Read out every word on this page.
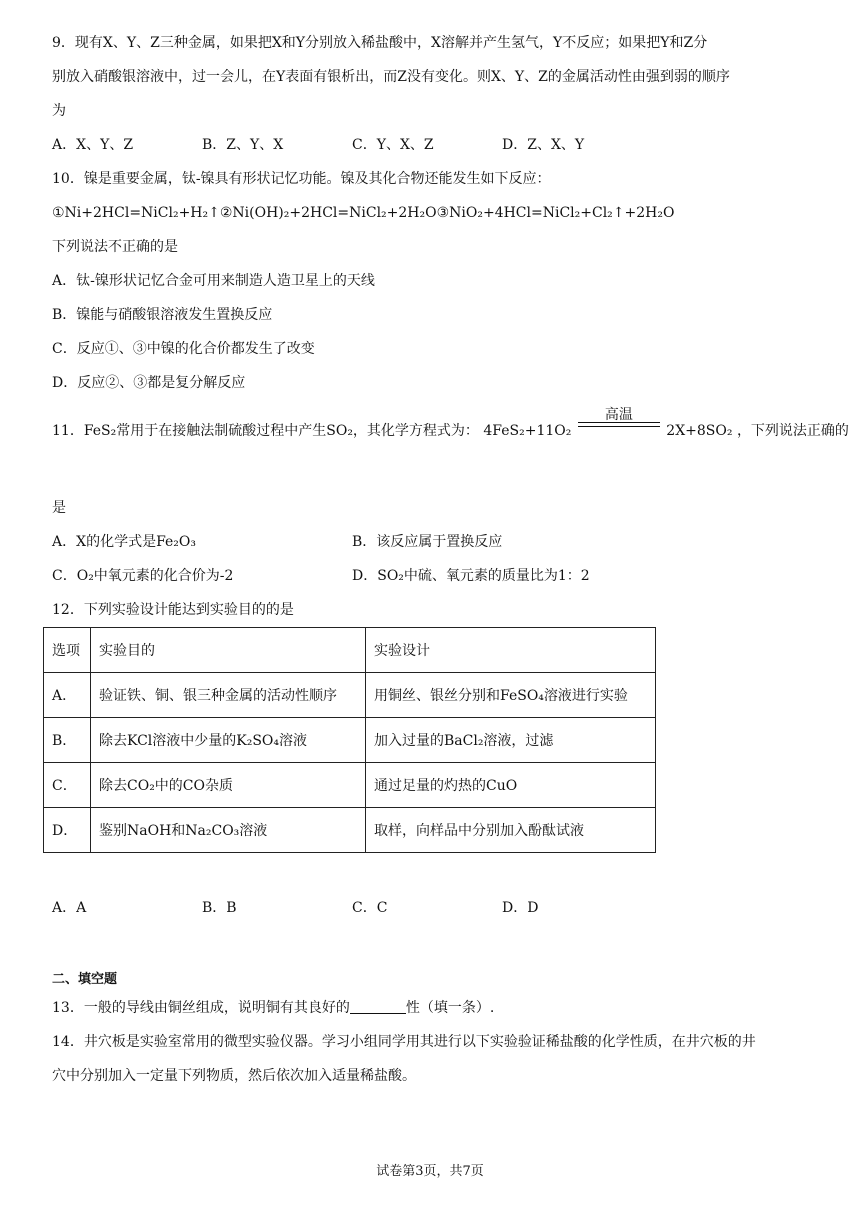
9．现有X、Y、Z三种金属，如果把X和Y分别放入稀盐酸中，X溶解并产生氢气，Y不反应；如果把Y和Z分
别放入硝酸银溶液中，过一会儿，在Y表面有银析出，而Z没有变化。则X、Y、Z的金属活动性由强到弱的顺序
为
A．X、Y、Z	B．Z、Y、X	C．Y、X、Z	D．Z、X、Y
10．镍是重要金属，钛-镍具有形状记忆功能。镍及其化合物还能发生如下反应：
①Ni+2HCl=NiCl₂+H₂↑②Ni(OH)₂+2HCl=NiCl₂+2H₂O③NiO₂+4HCl=NiCl₂+Cl₂↑+2H₂O
下列说法不正确的是
A．钛-镍形状记忆合金可用来制造人造卫星上的天线
B．镍能与硝酸银溶液发生置换反应
C．反应①、③中镍的化合价都发生了改变
D．反应②、③都是复分解反应
11．FeS₂常用于在接触法制硫酸过程中产生SO₂，其化学方程式为： 4FeS₂+11O₂
高温
2X+8SO₂ ，下列说法正确的
是
A．X的化学式是Fe₂O₃	B．该反应属于置换反应
C．O₂中氧元素的化合价为-2	D．SO₂中硫、氧元素的质量比为1：2
12．下列实验设计能达到实验目的的是
选项	实验目的	实验设计
A．	验证铁、铜、银三种金属的活动性顺序	用铜丝、银丝分别和FeSO₄溶液进行实验
B．	除去KCl溶液中少量的K₂SO₄溶液	加入过量的BaCl₂溶液，过滤
C．	除去CO₂中的CO杂质	通过足量的灼热的CuO
D．	鉴别NaOH和Na₂CO₃溶液	取样，向样品中分别加入酚酞试液
A．A	B．B	C．C	D．D
二、填空题
13．一般的导线由铜丝组成，说明铜有其良好的	性（填一条）.
14．井穴板是实验室常用的微型实验仪器。学习小组同学用其进行以下实验验证稀盐酸的化学性质，在井穴板的井
穴中分别加入一定量下列物质，然后依次加入适量稀盐酸。
试卷第3页，共7页
